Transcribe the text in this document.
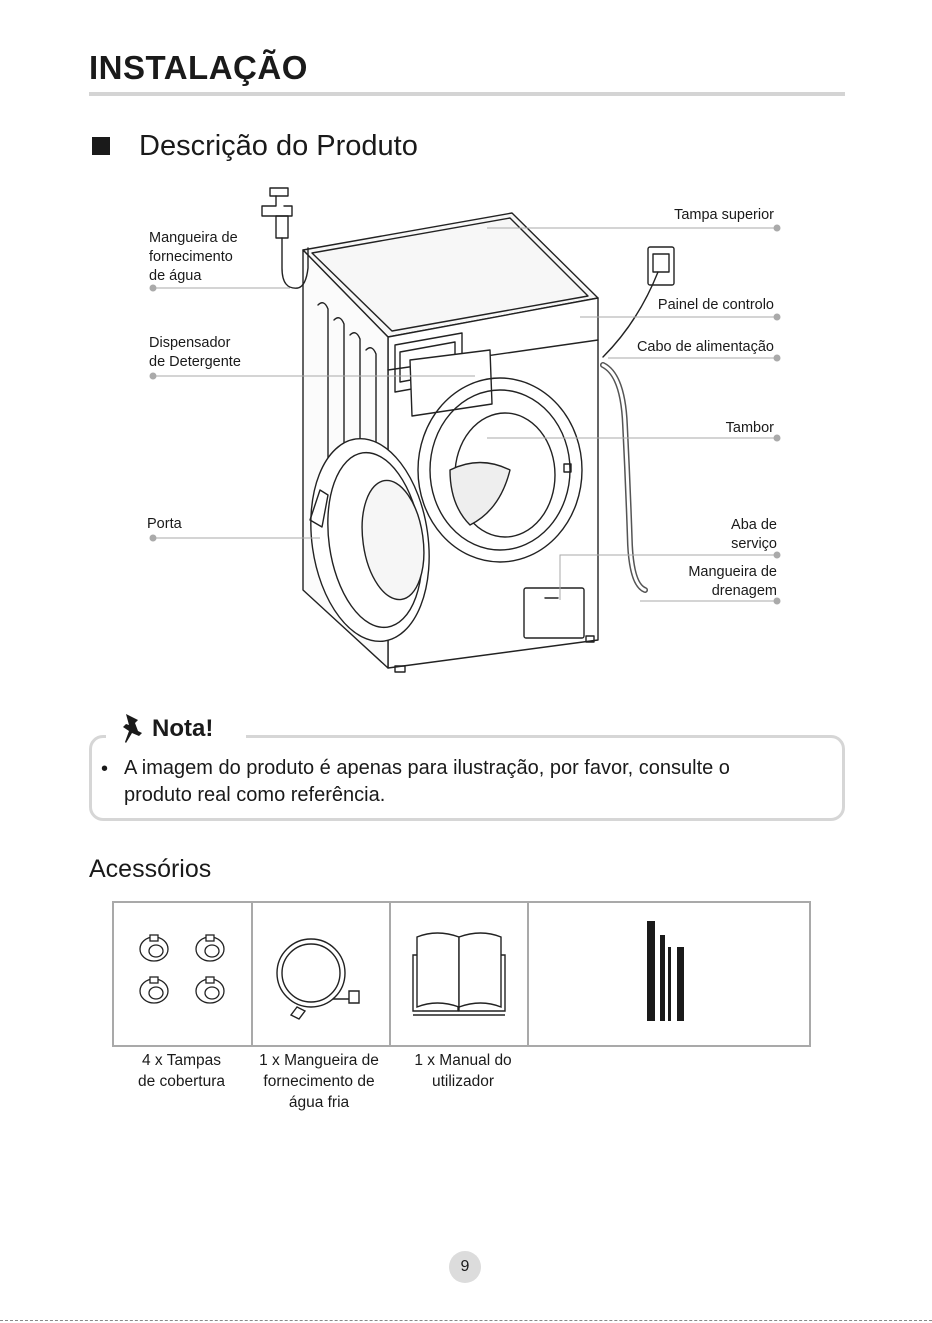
INSTALAÇÃO
Descrição do Produto
Mangueira de
fornecimento
de água
Dispensador
de Detergente
Porta
Tampa superior
Painel de controlo
Cabo de alimentação
Tambor
Aba de
serviço
Mangueira de
drenagem
Nota!
• A imagem do produto é apenas para ilustração, por favor, consulte o
produto real como referência.
Acessórios
4 x Tampas
de cobertura
1 x Mangueira de
fornecimento de
água fria
1 x Manual do
utilizador
9
